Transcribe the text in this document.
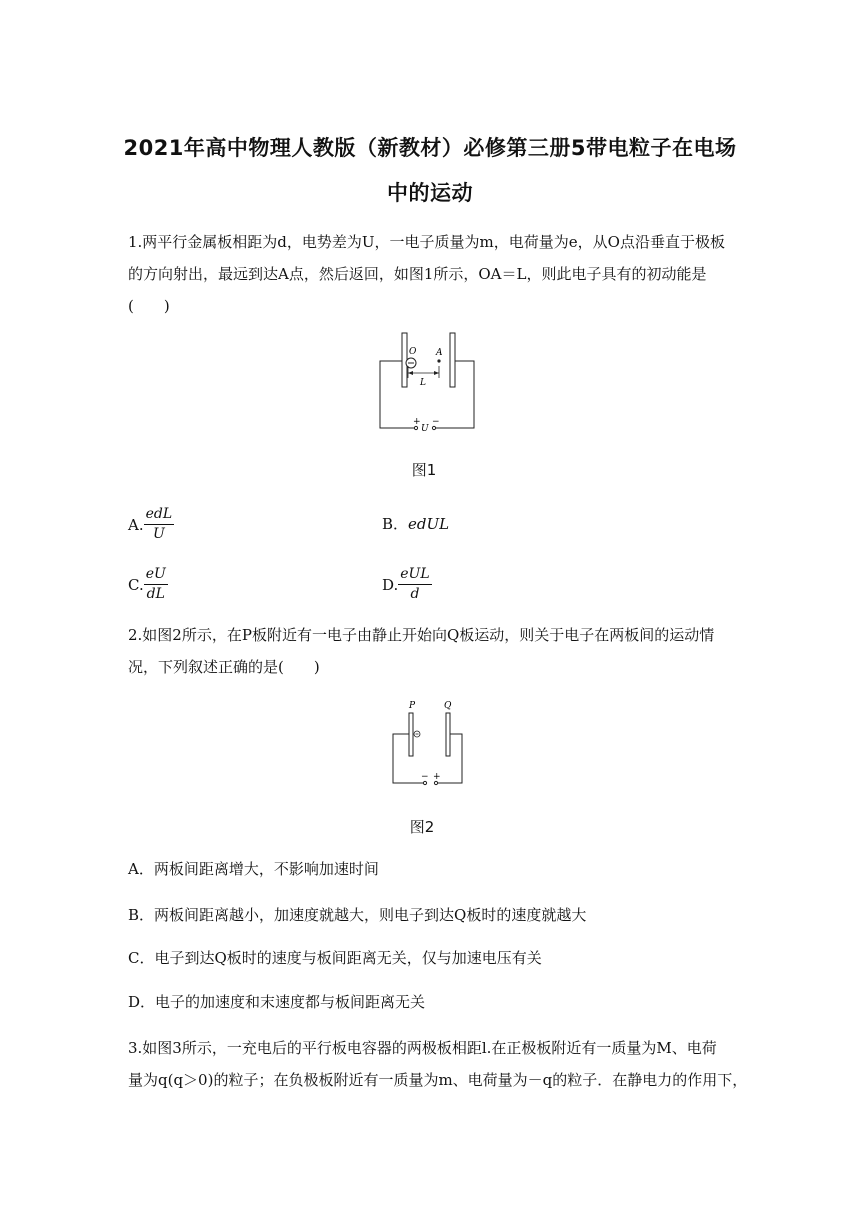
2021年高中物理人教版（新教材）必修第三册5带电粒子在电场
中的运动
1.两平行金属板相距为d，电势差为U，一电子质量为m，电荷量为e，从O点沿垂直于极板
的方向射出，最远到达A点，然后返回，如图1所示，OA＝L，则此电子具有的初动能是
(　　)
+
U
−
O A
L
图1
A. $\frac{\text{edL}}{U}$	B．edUL
C. $\frac{eU}{dL}$	D. $\frac{\text{eUL}}{d}$
2.如图2所示，在P板附近有一电子由静止开始向Q板运动，则关于电子在两板间的运动情
况，下列叙述正确的是(　　)
P	Q
− +
图2
A．两板间距离增大，不影响加速时间
B．两板间距离越小，加速度就越大，则电子到达Q板时的速度就越大
C．电子到达Q板时的速度与板间距离无关，仅与加速电压有关
D．电子的加速度和末速度都与板间距离无关
3.如图3所示，一充电后的平行板电容器的两极板相距l.在正极板附近有一质量为M、电荷
量为q(q＞0)的粒子；在负极板附近有一质量为m、电荷量为－q的粒子．在静电力的作用下，
